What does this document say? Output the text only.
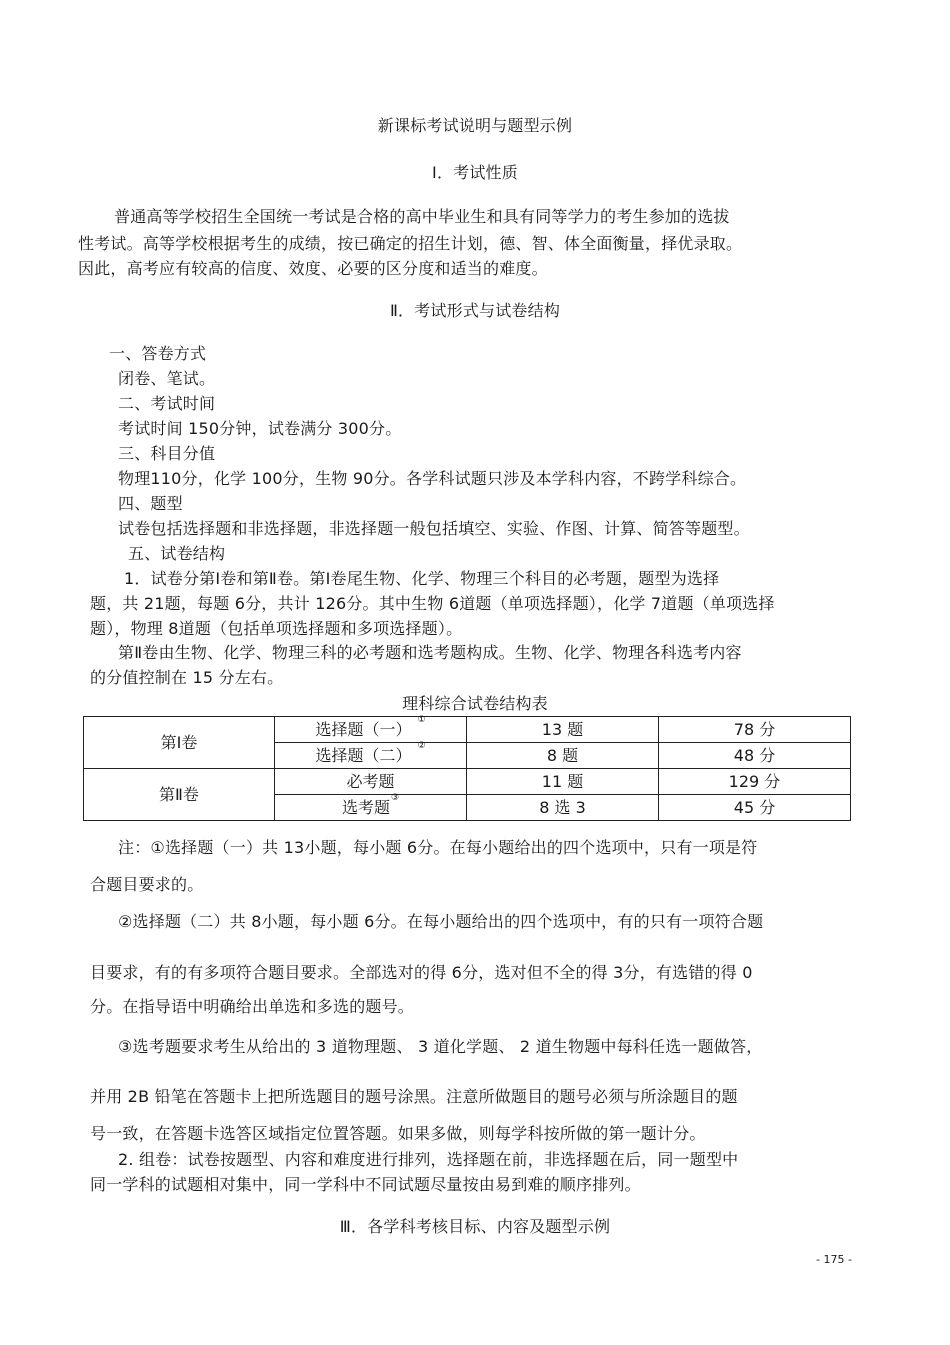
新课标考试说明与题型示例
Ⅰ．考试性质
普通高等学校招生全国统一考试是合格的高中毕业生和具有同等学力的考生参加的选拔
性考试。高等学校根据考生的成绩，按已确定的招生计划，德、智、体全面衡量，择优录取。
因此，高考应有较高的信度、效度、必要的区分度和适当的难度。
Ⅱ．考试形式与试卷结构
一、答卷方式
闭卷、笔试。
二、考试时间
考试时间 150分钟，试卷满分 300分。
三、科目分值
物理110分，化学 100分，生物 90分。各学科试题只涉及本学科内容，不跨学科综合。
四、题型
试卷包括选择题和非选择题，非选择题一般包括填空、实验、作图、计算、简答等题型。
五、试卷结构
1．试卷分第Ⅰ卷和第Ⅱ卷。第Ⅰ卷尾生物、化学、物理三个科目的必考题，题型为选择
题，共 21题，每题 6分，共计 126分。其中生物 6道题（单项选择题），化学 7道题（单项选择
题），物理 8道题（包括单项选择题和多项选择题）。
第Ⅱ卷由生物、化学、物理三科的必考题和选考题构成。生物、化学、物理各科选考内容
的分值控制在 15 分左右。
理科综合试卷结构表
第Ⅰ卷	选择题（一） ①	13 题	78 分
	选择题（二） ②	8 题	48 分
第Ⅱ卷	必考题	11 题	129 分
	选考题③	8 选 3	45 分
注：①选择题（一）共 13小题，每小题 6分。在每小题给出的四个选项中，只有一项是符
合题目要求的。
②选择题（二）共 8小题，每小题 6分。在每小题给出的四个选项中，有的只有一项符合题
目要求，有的有多项符合题目要求。全部选对的得 6分，选对但不全的得 3分，有选错的得 0
分。在指导语中明确给出单选和多选的题号。
③选考题要求考生从给出的 3 道物理题、 3 道化学题、 2 道生物题中每科任选一题做答，
并用 2B 铅笔在答题卡上把所选题目的题号涂黑。注意所做题目的题号必须与所涂题目的题
号一致，在答题卡选答区域指定位置答题。如果多做，则每学科按所做的第一题计分。
2. 组卷：试卷按题型、内容和难度进行排列，选择题在前，非选择题在后，同一题型中
同一学科的试题相对集中，同一学科中不同试题尽量按由易到难的顺序排列。
Ⅲ．各学科考核目标、内容及题型示例
- 175 -
